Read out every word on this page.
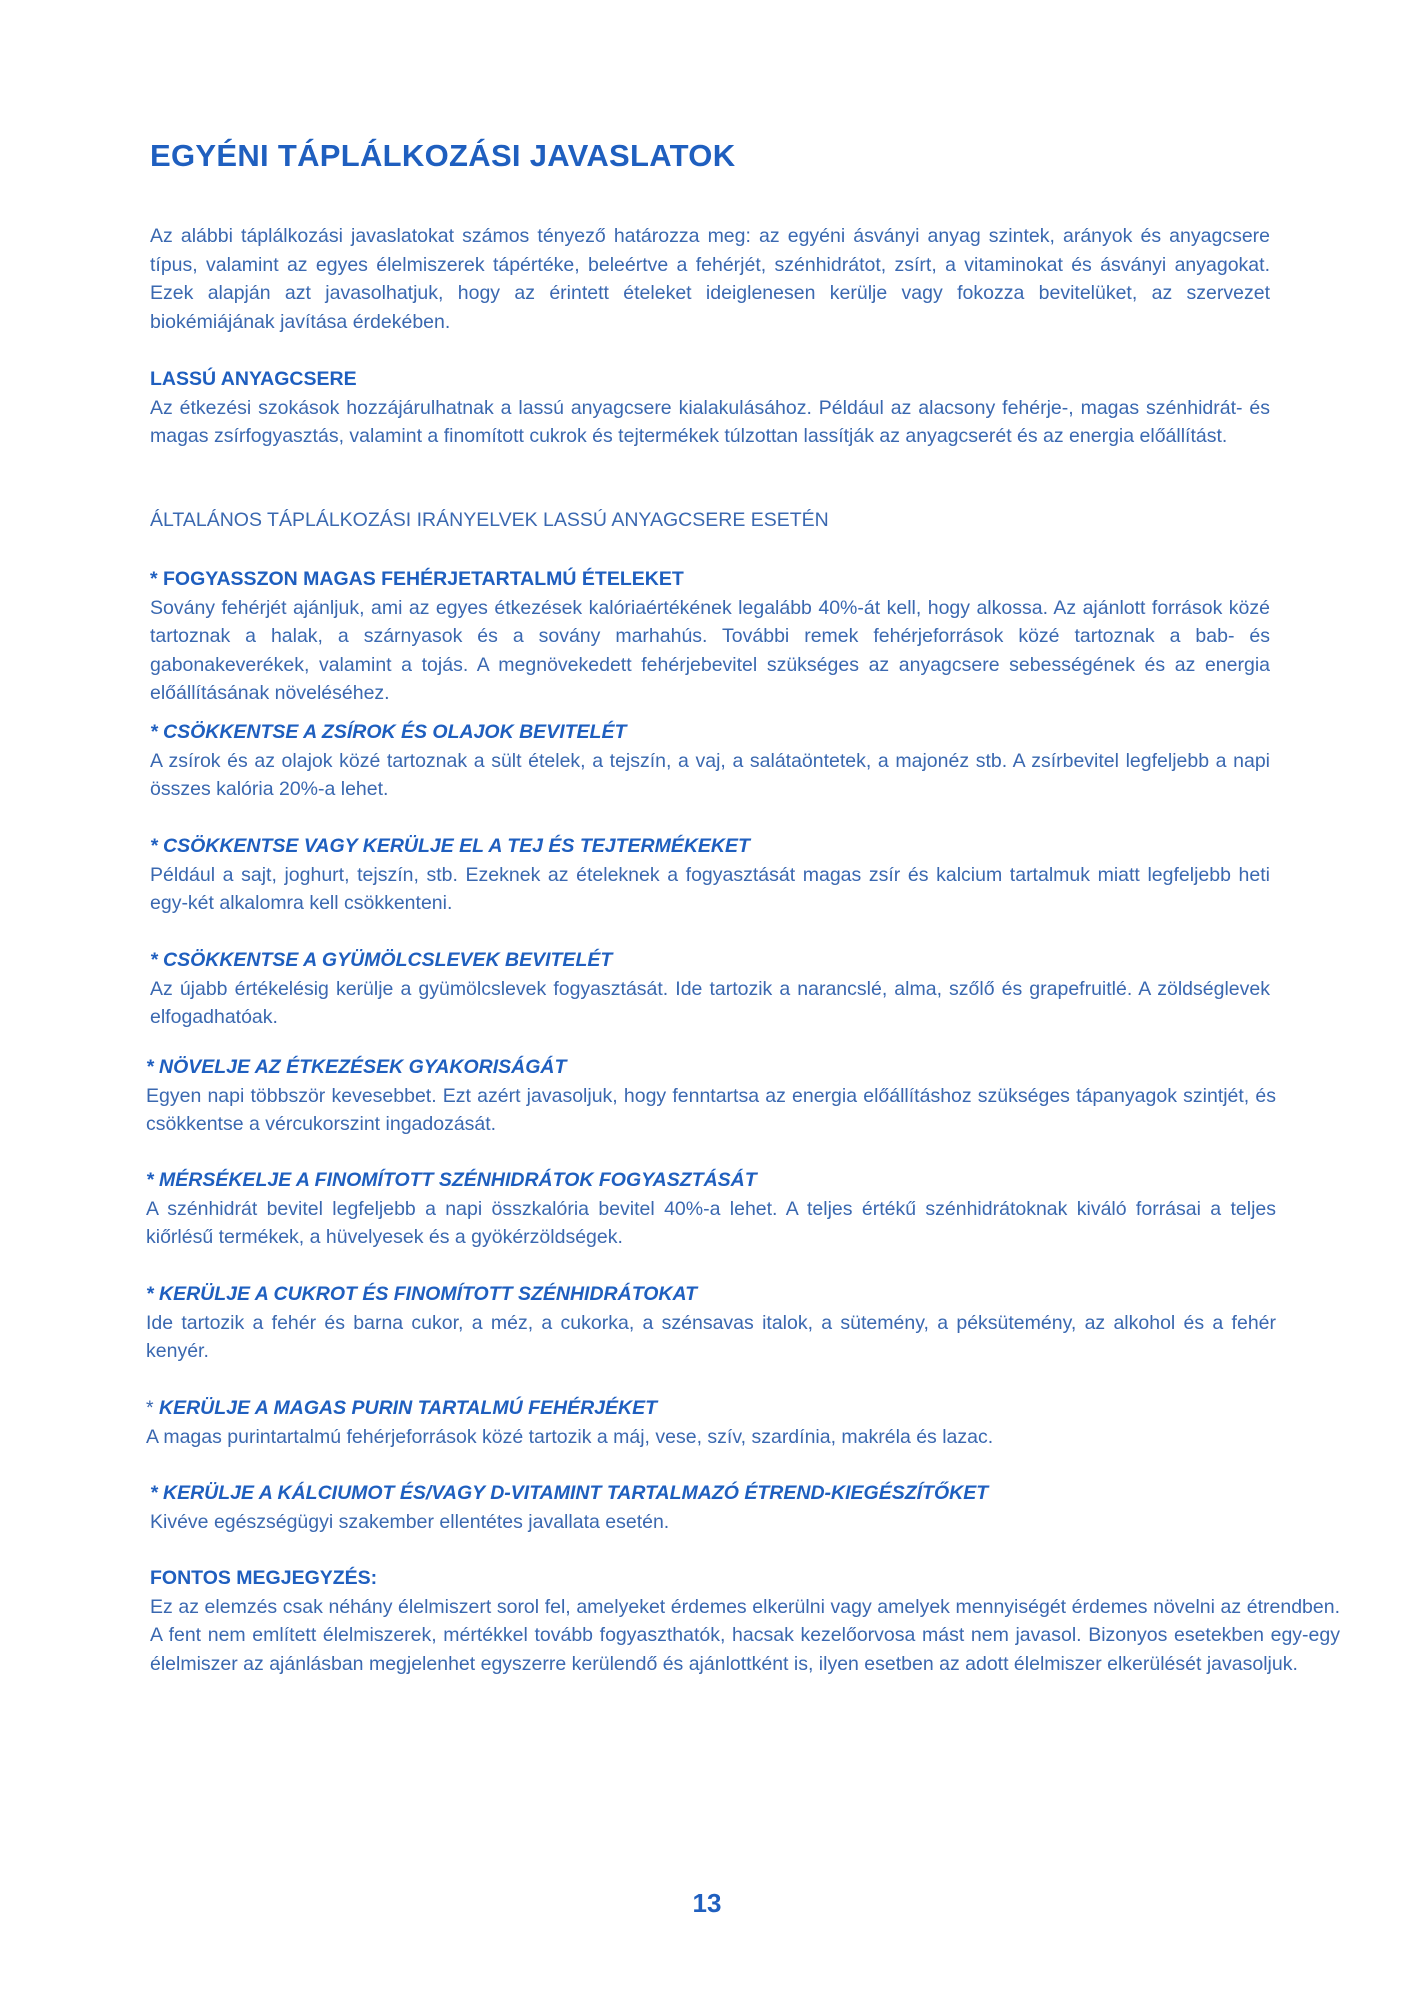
EGYÉNI TÁPLÁLKOZÁSI JAVASLATOK

Az alábbi táplálkozási javaslatokat számos tényező határozza meg: az egyéni ásványi anyag szintek, arányok és anyagcsere típus, valamint az egyes élelmiszerek tápértéke, beleértve a fehérjét, szénhidrátot, zsírt, a vitaminokat és ásványi anyagokat. Ezek alapján azt javasolhatjuk, hogy az érintett ételeket ideiglenesen kerülje vagy fokozza bevitelüket, az szervezet biokémiájának javítása érdekében.

LASSÚ ANYAGCSERE

Az étkezési szokások hozzájárulhatnak a lassú anyagcsere kialakulásához. Például az alacsony fehérje-, magas szénhidrát- és magas zsírfogyasztás, valamint a finomított cukrok és tejtermékek túlzottan lassítják az anyagcserét és az energia előállítást.

ÁLTALÁNOS TÁPLÁLKOZÁSI IRÁNYELVEK LASSÚ ANYAGCSERE ESETÉN

* FOGYASSZON MAGAS FEHÉRJETARTALMÚ ÉTELEKET

Sovány fehérjét ajánljuk, ami az egyes étkezések kalóriaértékének legalább 40%-át kell, hogy alkossa. Az ajánlott források közé tartoznak a halak, a szárnyasok és a sovány marhahús. További remek fehérjeforrások közé tartoznak a bab- és gabonakeverékek, valamint a tojás. A megnövekedett fehérjebevitel szükséges az anyagcsere sebességének és az energia előállításának növeléséhez.

* CSÖKKENTSE A ZSÍROK ÉS OLAJOK BEVITELÉT

A zsírok és az olajok közé tartoznak a sült ételek, a tejszín, a vaj, a salátaöntetek, a majonéz stb. A zsírbevitel legfeljebb a napi összes kalória 20%-a lehet.

* CSÖKKENTSE VAGY KERÜLJE EL A TEJ ÉS TEJTERMÉKEKET

Például a sajt, joghurt, tejszín, stb. Ezeknek az ételeknek a fogyasztását magas zsír és kalcium tartalmuk miatt legfeljebb heti egy-két alkalomra kell csökkenteni.

* CSÖKKENTSE A GYÜMÖLCSLEVEK BEVITELÉT

Az újabb értékelésig kerülje a gyümölcslevek fogyasztását. Ide tartozik a narancslé, alma, szőlő és grapefruitlé. A zöldséglevek elfogadhatóak.

* NÖVELJE AZ ÉTKEZÉSEK GYAKORISÁGÁT

Egyen napi többször kevesebbet. Ezt azért javasoljuk, hogy fenntartsa az energia előállításhoz szükséges tápanyagok szintjét, és csökkentse a vércukorszint ingadozását.

* MÉRSÉKELJE A FINOMÍTOTT SZÉNHIDRÁTOK FOGYASZTÁSÁT

A szénhidrát bevitel legfeljebb a napi összkalória bevitel 40%-a lehet. A teljes értékű szénhidrátoknak kiváló forrásai a teljes kiőrlésű termékek, a hüvelyesek és a gyökérzöldségek.

* KERÜLJE A CUKROT ÉS FINOMÍTOTT SZÉNHIDRÁTOKAT

Ide tartozik a fehér és barna cukor, a méz, a cukorka, a szénsavas italok, a sütemény, a péksütemény, az alkohol és a fehér kenyér.

* KERÜLJE A MAGAS PURIN TARTALMÚ FEHÉRJÉKET

A magas purintartalmú fehérjeforrások közé tartozik a máj, vese, szív, szardínia, makréla és lazac.

* KERÜLJE A KÁLCIUMOT ÉS/VAGY D-VITAMINT TARTALMAZÓ ÉTREND-KIEGÉSZÍTŐKET

Kivéve egészségügyi szakember ellentétes javallata esetén.

FONTOS MEGJEGYZÉS:

Ez az elemzés csak néhány élelmiszert sorol fel, amelyeket érdemes elkerülni vagy amelyek mennyiségét érdemes növelni az étrendben. A fent nem említett élelmiszerek, mértékkel tovább fogyaszthatók, hacsak kezelőorvosa mást nem javasol. Bizonyos esetekben egy-egy élelmiszer az ajánlásban megjelenhet egyszerre kerülendő és ajánlottként is, ilyen esetben az adott élelmiszer elkerülését javasoljuk.

13
